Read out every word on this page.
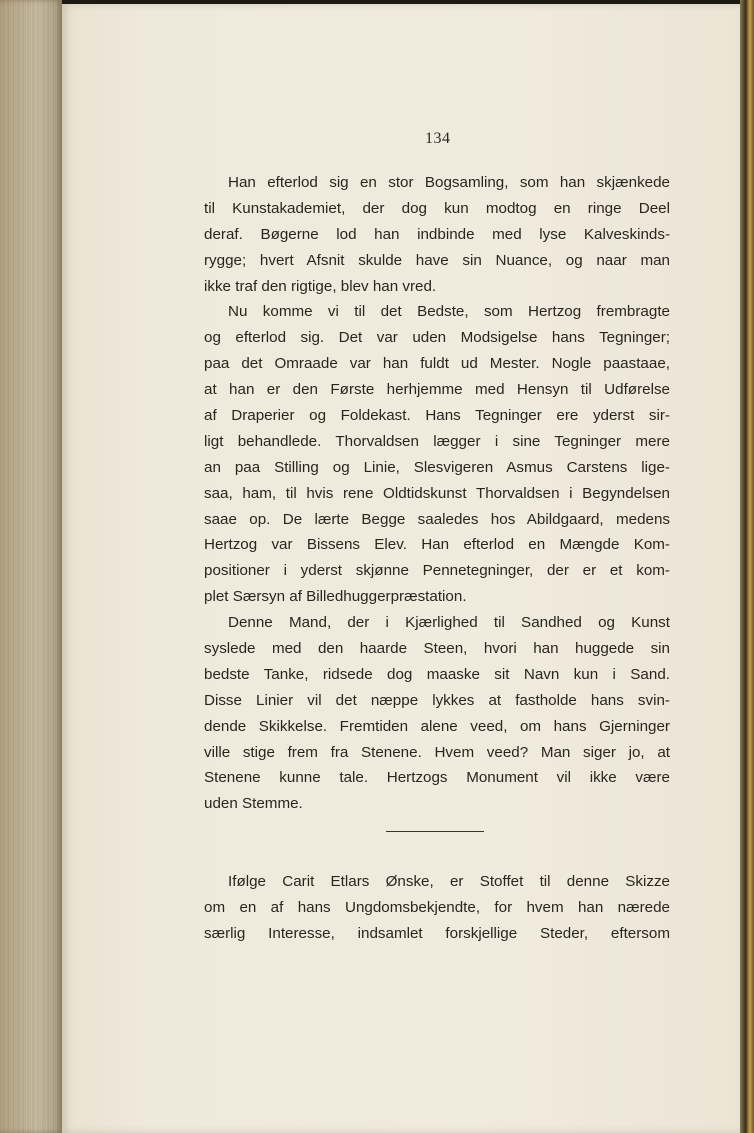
134
Han efterlod sig en stor Bogsamling, som han skjænkede
til Kunstakademiet, der dog kun modtog en ringe Deel
deraf. Bøgerne lod han indbinde med lyse Kalveskinds-
rygge; hvert Afsnit skulde have sin Nuance, og naar man
ikke traf den rigtige, blev han vred.
Nu komme vi til det Bedste, som Hertzog frembragte
og efterlod sig. Det var uden Modsigelse hans Tegninger;
paa det Omraade var han fuldt ud Mester. Nogle paastaae,
at han er den Første herhjemme med Hensyn til Udførelse
af Draperier og Foldekast. Hans Tegninger ere yderst sir-
ligt behandlede. Thorvaldsen lægger i sine Tegninger mere
an paa Stilling og Linie, Slesvigeren Asmus Carstens lige-
saa, ham, til hvis rene Oldtidskunst Thorvaldsen i Begyndelsen
saae op. De lærte Begge saaledes hos Abildgaard, medens
Hertzog var Bissens Elev. Han efterlod en Mængde Kom-
positioner i yderst skjønne Pennetegninger, der er et kom-
plet Særsyn af Billedhuggerpræstation.
Denne Mand, der i Kjærlighed til Sandhed og Kunst
syslede med den haarde Steen, hvori han huggede sin
bedste Tanke, ridsede dog maaske sit Navn kun i Sand.
Disse Linier vil det næppe lykkes at fastholde hans svin-
dende Skikkelse. Fremtiden alene veed, om hans Gjerninger
ville stige frem fra Stenene. Hvem veed? Man siger jo, at
Stenene kunne tale. Hertzogs Monument vil ikke være
uden Stemme.
Ifølge Carit Etlars Ønske, er Stoffet til denne Skizze
om en af hans Ungdomsbekjendte, for hvem han nærede
særlig Interesse, indsamlet forskjellige Steder, eftersom
